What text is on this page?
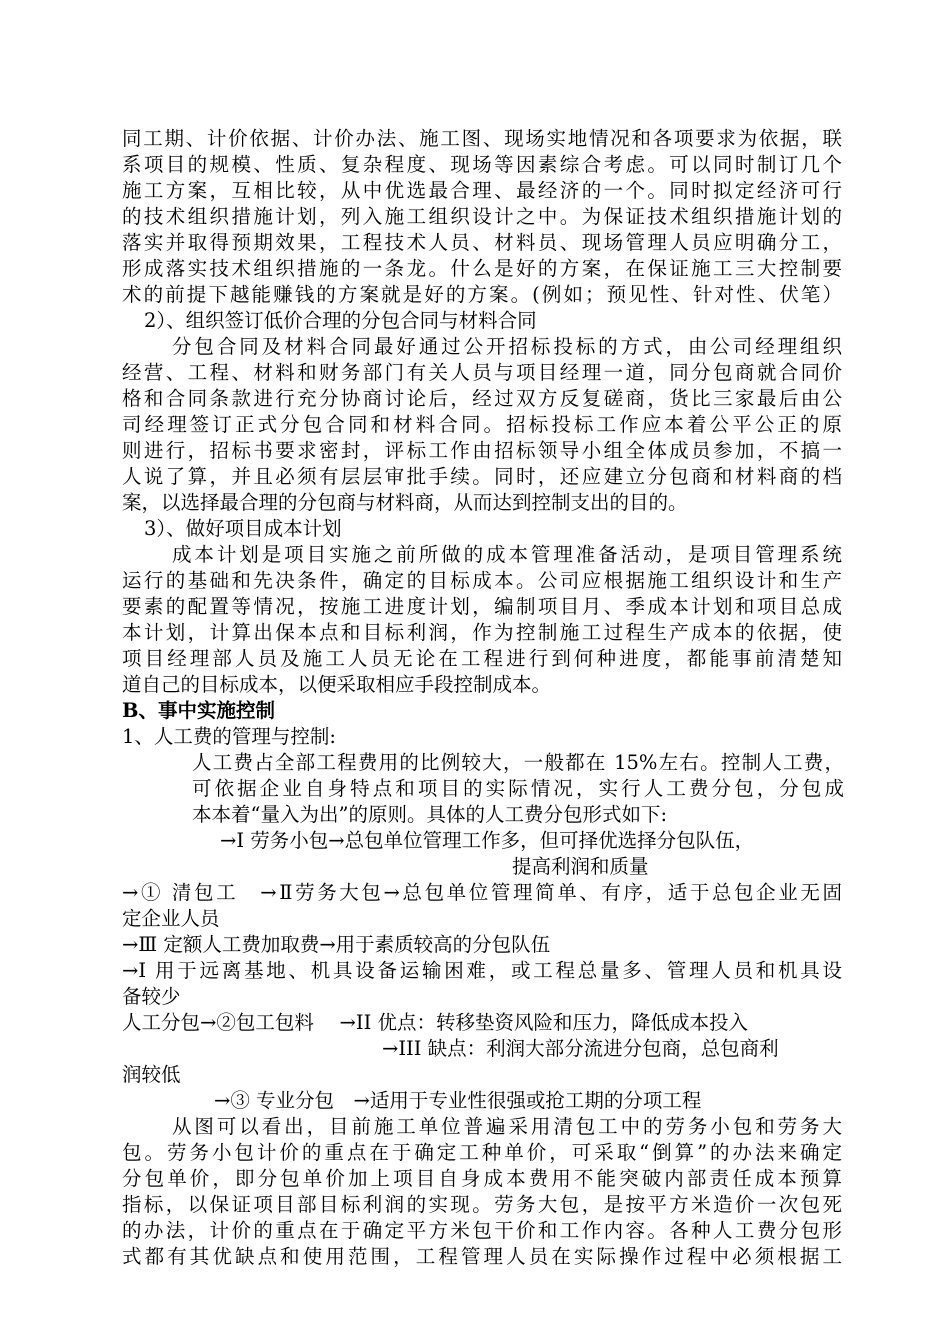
同工期、计价依据、计价办法、施工图、现场实地情况和各项要求为依据，联
系项目的规模、性质、复杂程度、现场等因素综合考虑。可以同时制订几个
施工方案，互相比较，从中优选最合理、最经济的一个。同时拟定经济可行
的技术组织措施计划，列入施工组织设计之中。为保证技术组织措施计划的
落实并取得预期效果，工程技术人员、材料员、现场管理人员应明确分工，
形成落实技术组织措施的一条龙。什么是好的方案，在保证施工三大控制要
术的前提下越能赚钱的方案就是好的方案。(例如；预见性、针对性、伏笔）
2）、组织签订低价合理的分包合同与材料合同
分包合同及材料合同最好通过公开招标投标的方式，由公司经理组织
经营、工程、材料和财务部门有关人员与项目经理一道，同分包商就合同价
格和合同条款进行充分协商讨论后，经过双方反复磋商，货比三家最后由公
司经理签订正式分包合同和材料合同。招标投标工作应本着公平公正的原
则进行，招标书要求密封，评标工作由招标领导小组全体成员参加，不搞一
人说了算，并且必须有层层审批手续。同时，还应建立分包商和材料商的档
案，以选择最合理的分包商与材料商，从而达到控制支出的目的。
3）、做好项目成本计划
成本计划是项目实施之前所做的成本管理准备活动，是项目管理系统
运行的基础和先决条件，确定的目标成本。公司应根据施工组织设计和生产
要素的配置等情况，按施工进度计划，编制项目月、季成本计划和项目总成
本计划，计算出保本点和目标利润，作为控制施工过程生产成本的依据，使
项目经理部人员及施工人员无论在工程进行到何种进度，都能事前清楚知
道自己的目标成本，以便采取相应手段控制成本。
B、事中实施控制
1、人工费的管理与控制:
人工费占全部工程费用的比例较大，一般都在 15%左右。控制人工费，
可依据企业自身特点和项目的实际情况，实行人工费分包，分包成
本本着“量入为出”的原则。具体的人工费分包形式如下:
→Ⅰ 劳务小包→总包单位管理工作多，但可择优选择分包队伍，
提高利润和质量
→① 清包工　→Ⅱ劳务大包→总包单位管理简单、有序，适于总包企业无固
定企业人员
→Ⅲ 定额人工费加取费→用于素质较高的分包队伍
→I 用于远离基地、机具设备运输困难，或工程总量多、管理人员和机具设
备较少
人工分包→②包工包料　 →II 优点：转移垫资风险和压力，降低成本投入
→III 缺点：利润大部分流进分包商，总包商利
润较低
→③ 专业分包　→适用于专业性很强或抢工期的分项工程
从图可以看出，目前施工单位普遍采用清包工中的劳务小包和劳务大
包。劳务小包计价的重点在于确定工种单价，可采取“倒算”的办法来确定
分包单价，即分包单价加上项目自身成本费用不能突破内部责任成本预算
指标，以保证项目部目标利润的实现。劳务大包，是按平方米造价一次包死
的办法，计价的重点在于确定平方米包干价和工作内容。各种人工费分包形
式都有其优缺点和使用范围，工程管理人员在实际操作过程中必须根据工
